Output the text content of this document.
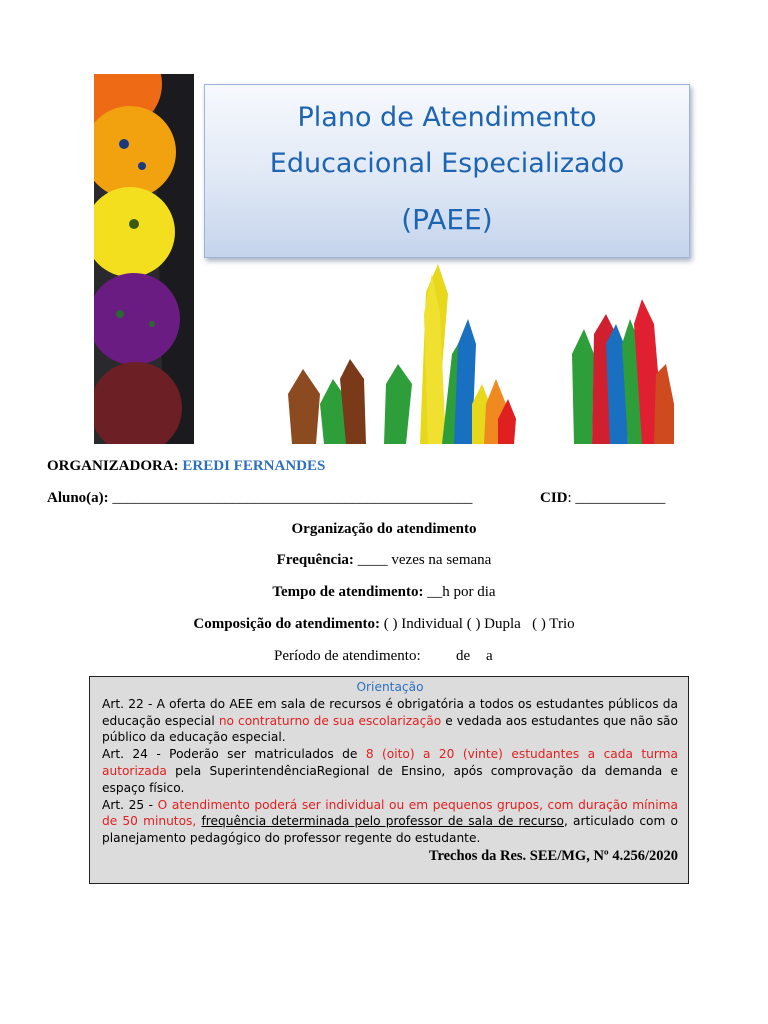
Plano de Atendimento
Educacional Especializado
(PAEE)
ORGANIZADORA: EREDI FERNANDES
Aluno(a): ________________________________________________	CID: ____________
Organização do atendimento
Frequência: ____ vezes na semana
Tempo de atendimento: __h por dia
Composição do atendimento: ( ) Individual ( ) Dupla   ( ) Trio
Período de atendimento: de a
Orientação

Art. 22 - A oferta do AEE em sala de recursos é obrigatória a todos os estudantes públicos da educação especial no contraturno de sua escolarização e vedada aos estudantes que não são público da educação especial.

Art. 24 - Poderão ser matriculados de 8 (oito) a 20 (vinte) estudantes a cada turma autorizada pela SuperintendênciaRegional de Ensino, após comprovação da demanda e espaço físico.

Art. 25 - O atendimento poderá ser individual ou em pequenos grupos, com duração mínima de 50 minutos, frequência determinada pelo professor de sala de recurso, articulado com o planejamento pedagógico do professor regente do estudante.

Trechos da Res. SEE/MG, Nº 4.256/2020
